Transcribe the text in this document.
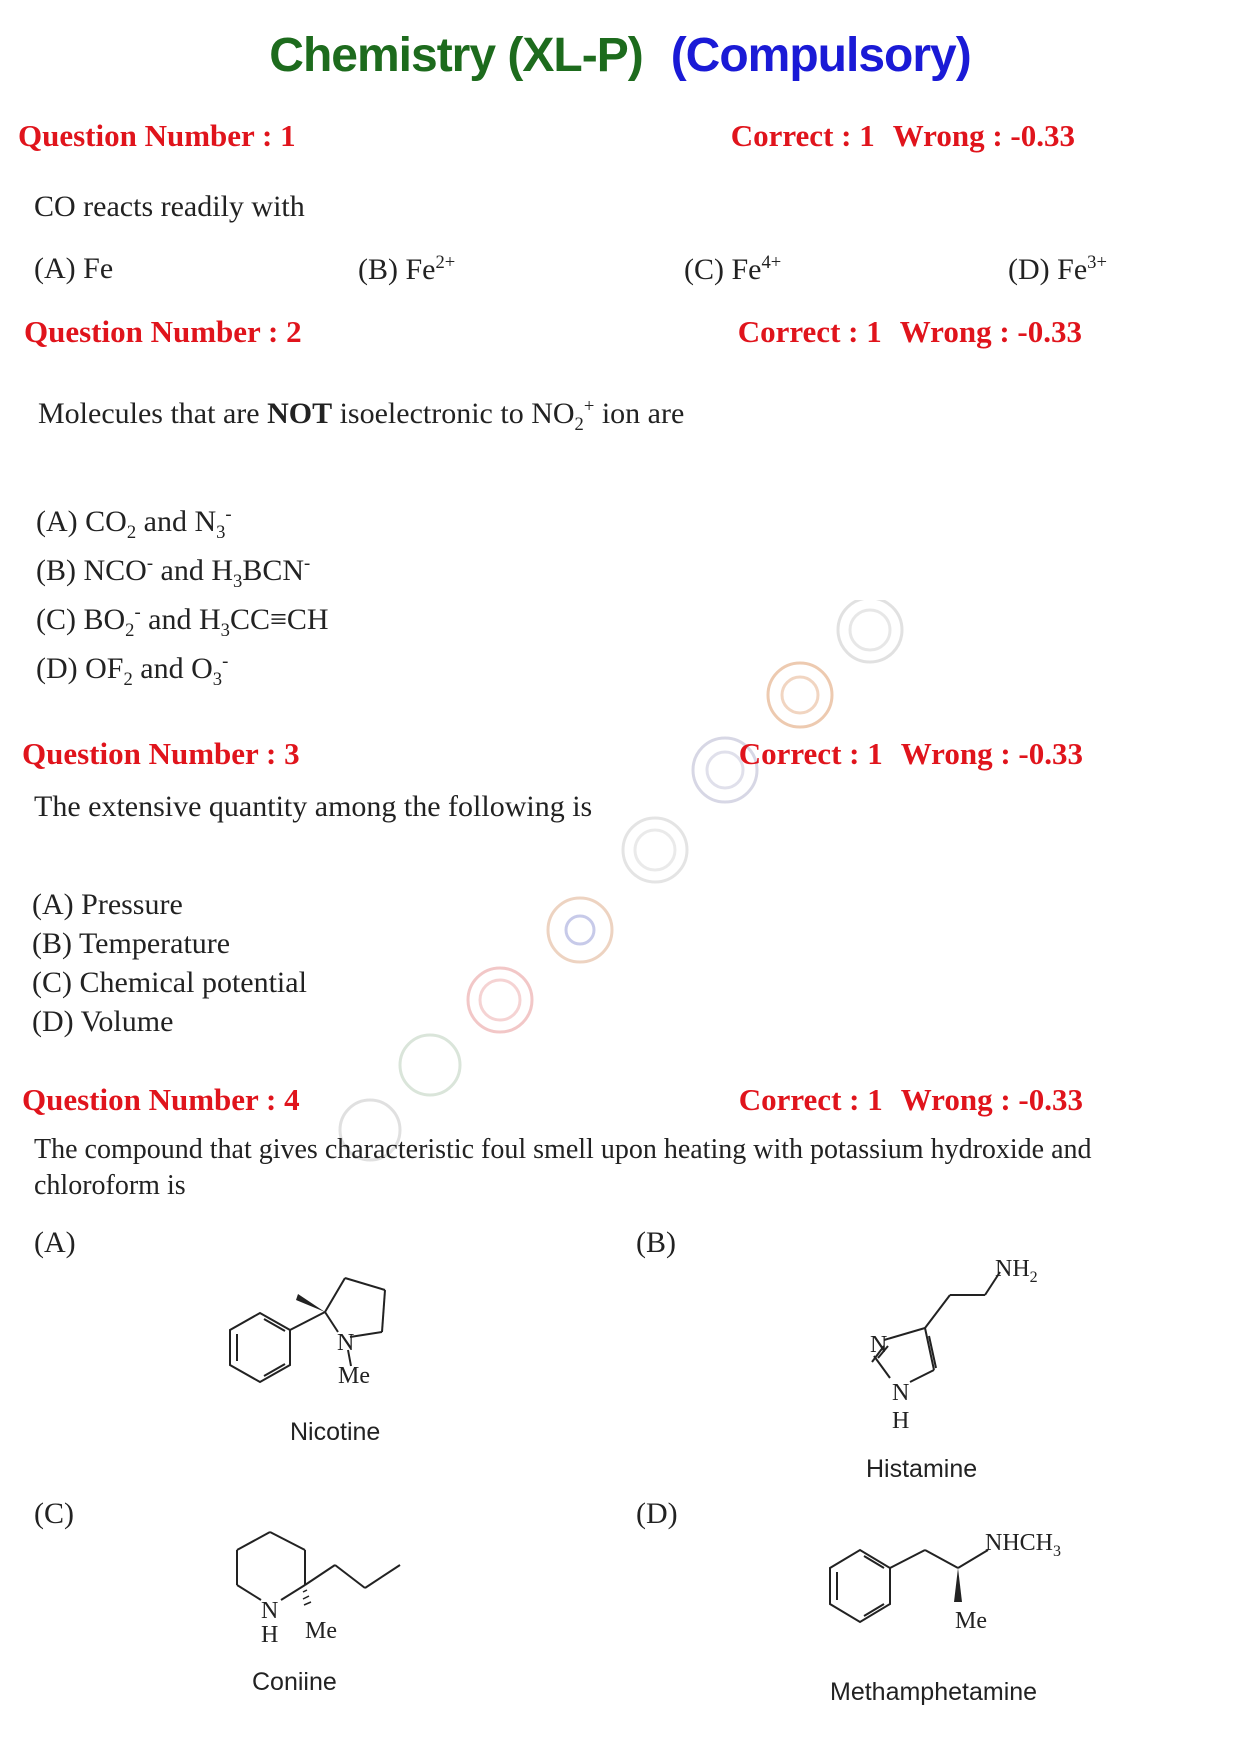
Chemistry (XL-P) (Compulsory)
Question Number : 1	Correct : 1 Wrong : -0.33
CO reacts readily with
(A) Fe	(B) $Fe^{2+}$	(C) $Fe^{4+}$	(D) $Fe^{3+}$
Question Number : 2	Correct : 1 Wrong : -0.33
Molecules that are NOT isoelectronic to $NO_2^+$ ion are
(A) $CO_2$ and $N_3^-$
(B) NCO- and $H_3BCN^-$
(C) $BO_2^-$ and $H_3CC\equiv CH$
(D) $OF_2$ and $O_3^-$
Question Number : 3	Correct : 1 Wrong : -0.33
The extensive quantity among the following is
(A) Pressure
(B) Temperature
(C) Chemical potential
(D) Volume
Question Number : 4	Correct : 1 Wrong : -0.33
The compound that gives characteristic foul smell upon heating with potassium hydroxide and
chloroform is
(A)	(B)
(C)	(D)
N
Me
Nicotine
N
N
H
$NH_2$
Histamine
N
H Me
Coniine
$NHCH_3$
Me
Methamphetamine
